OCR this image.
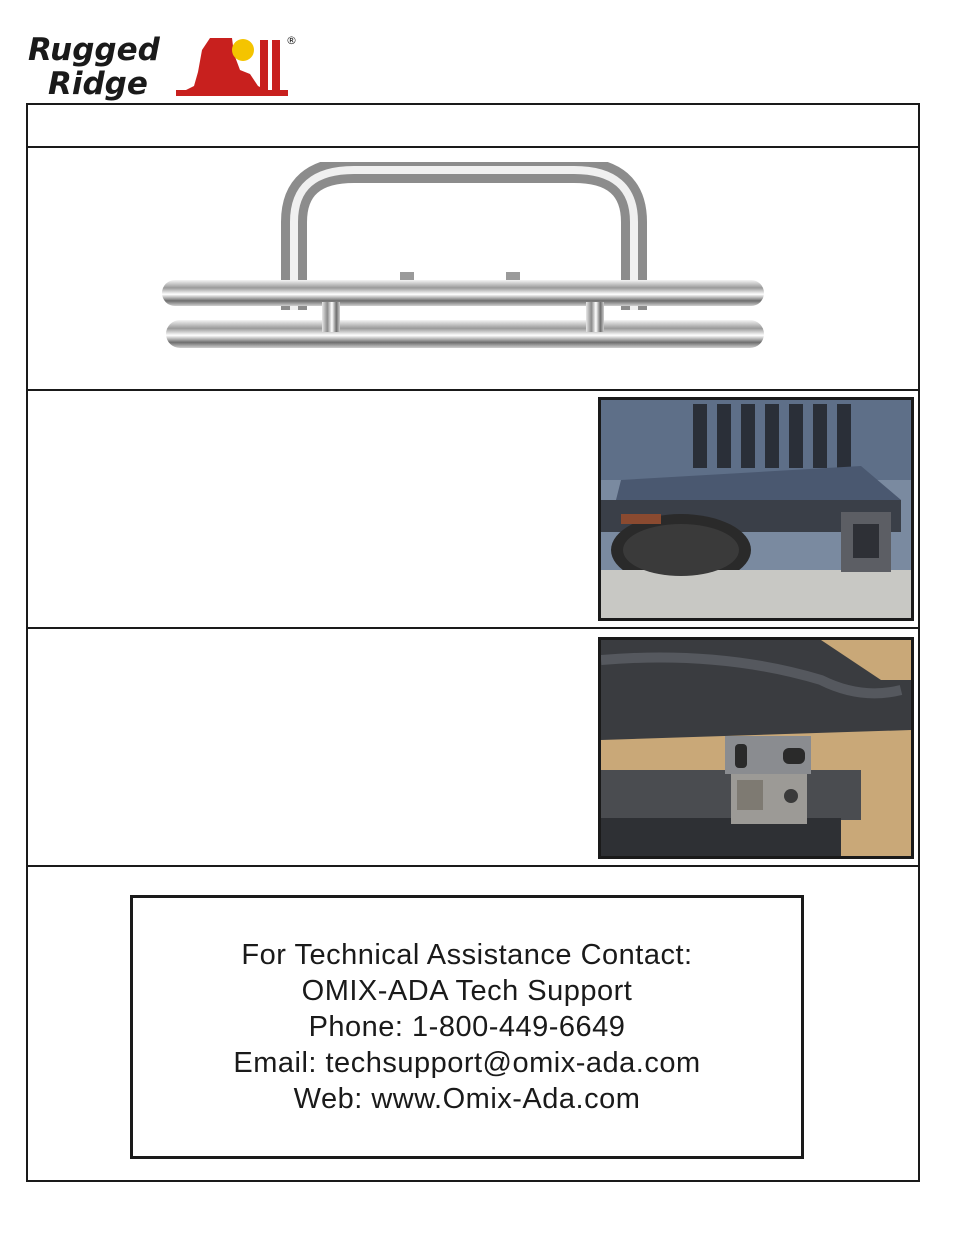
Rugged
Ridge
®
For Technical Assistance Contact:
OMIX-ADA Tech Support
Phone: 1-800-449-6649
Email: techsupport@omix-ada.com
Web: www.Omix-Ada.com
